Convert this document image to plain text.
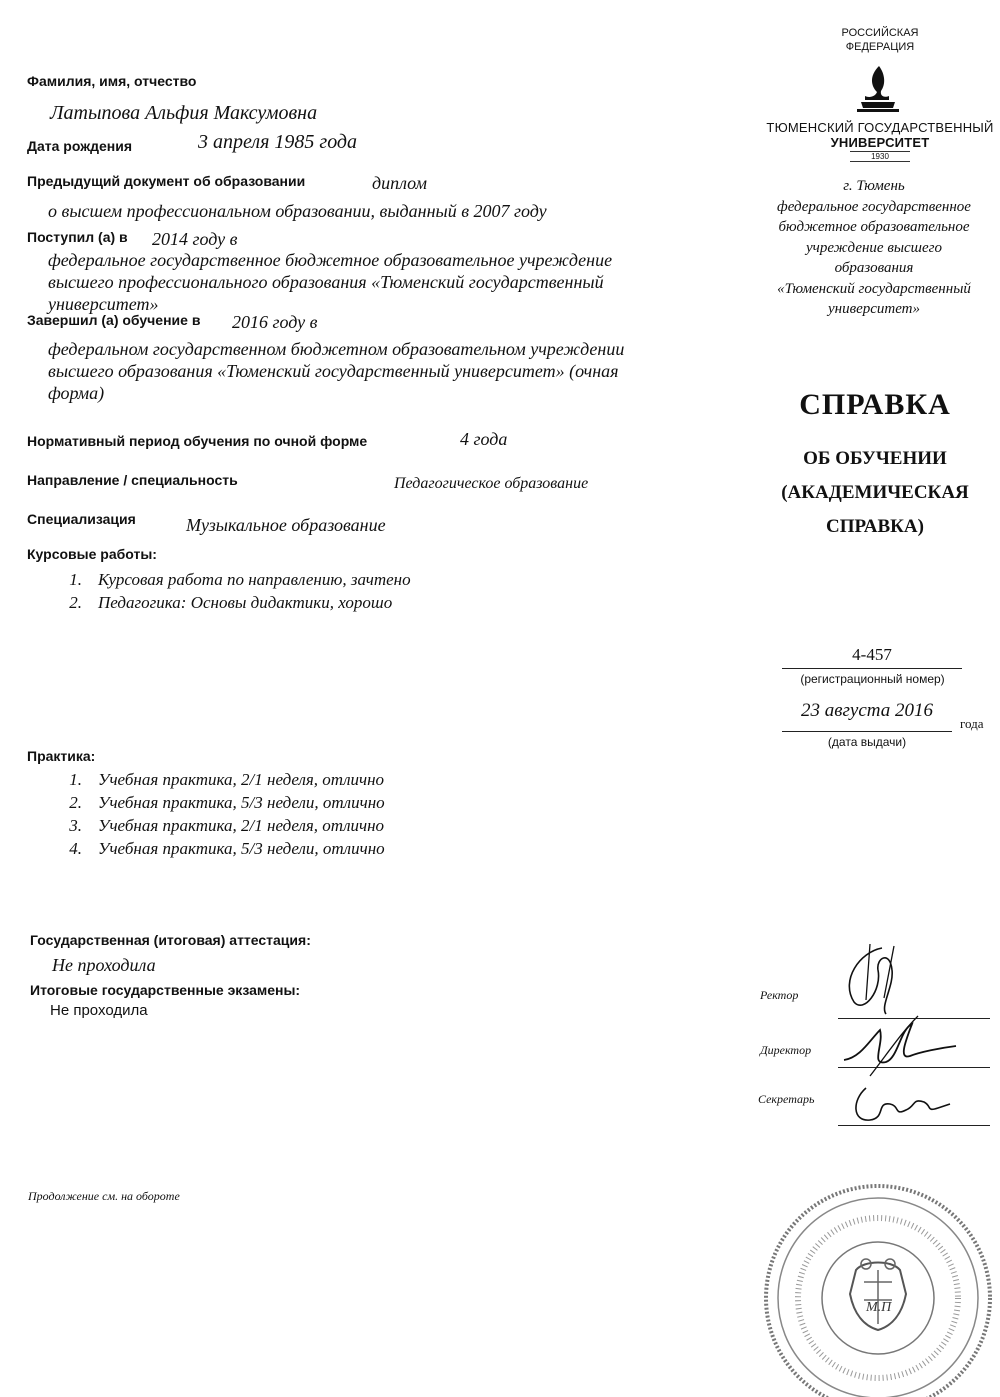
РОССИЙСКАЯ
ФЕДЕРАЦИЯ
ТЮМЕНСКИЙ ГОСУДАРСТВЕННЫЙ
УНИВЕРСИТЕТ
1930
г. Тюмень
федеральное государственное
бюджетное образовательное
учреждение высшего
образования
«Тюменский государственный
университет»
СПРАВКА
ОБ ОБУЧЕНИИ
(АКАДЕМИЧЕСКАЯ
СПРАВКА)
4-457
(регистрационный номер)
23 августа 2016
года
(дата выдачи)
Фамилия, имя, отчество
Латыпова Альфия Максумовна
Дата рождения	3 апреля 1985 года
Предыдущий документ об образовании	диплом
о высшем профессиональном образовании, выданный в 2007 году
Поступил (а) в 2014 году в
федеральное государственное бюджетное образовательное учреждение
высшего профессионального образования «Тюменский государственный
университет»
Завершил (а) обучение в 2016 году в
федеральном государственном бюджетном образовательном учреждении
высшего образования «Тюменский государственный университет» (очная
форма)
Нормативный период обучения по очной форме	4 года
Направление / специальность	Педагогическое образование
Специализация	Музыкальное образование
Курсовые работы:
1. Курсовая работа по направлению, зачтено
2. Педагогика: Основы дидактики, хорошо
Практика:
1. Учебная практика, 2/1 неделя, отлично
2. Учебная практика, 5/3 недели, отлично
3. Учебная практика, 2/1 неделя, отлично
4. Учебная практика, 5/3 недели, отлично
Государственная (итоговая) аттестация:
Не проходила
Итоговые государственные экзамены:
Не проходила
Продолжение см. на обороте
Ректор
Директор
Секретарь
М.П
